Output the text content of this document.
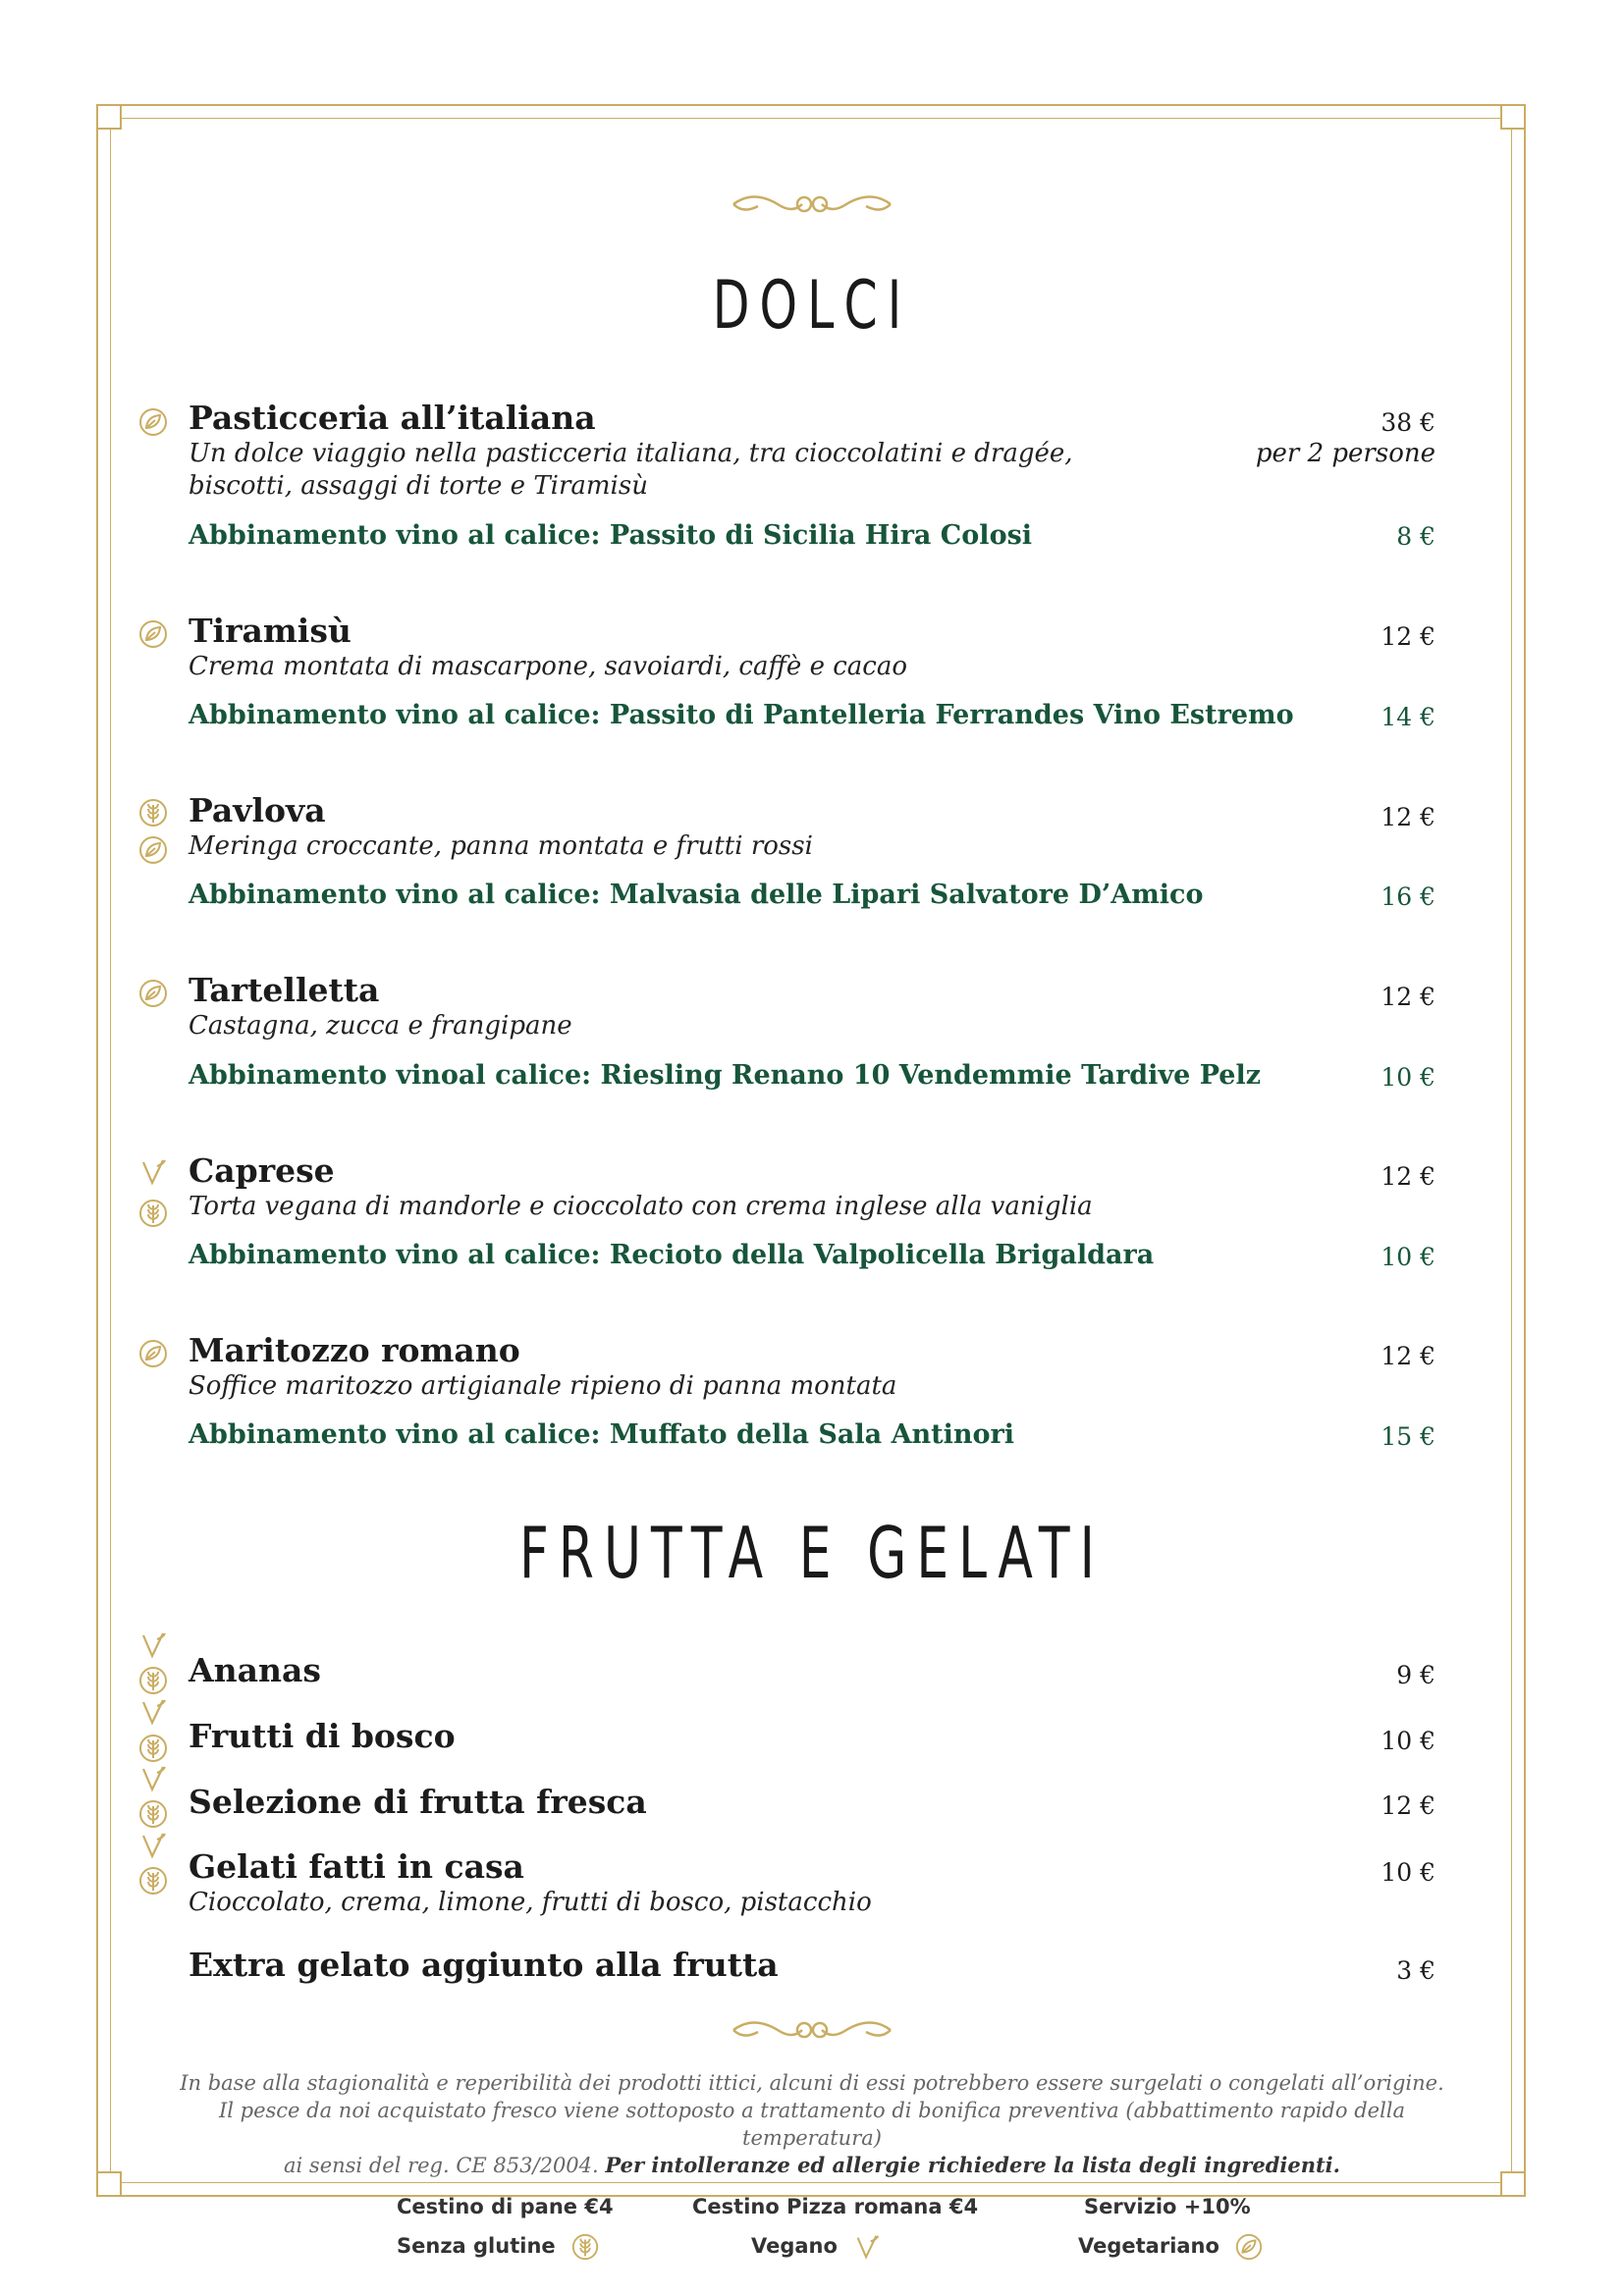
DOLCI
Pasticceria all’italiana
Un dolce viaggio nella pasticceria italiana, tra cioccolatini e dragée,
biscotti, assaggi di torte e Tiramisù
38 €
per 2 persone
Abbinamento vino al calice: Passito di Sicilia Hira Colosi	8 €
Tiramisù
Crema montata di mascarpone, savoiardi, caffè e cacao
12 €
Abbinamento vino al calice: Passito di Pantelleria Ferrandes Vino Estremo	14 €
Pavlova
Meringa croccante, panna montata e frutti rossi
12 €
Abbinamento vino al calice: Malvasia delle Lipari Salvatore D’Amico	16 €
Tartelletta
Castagna, zucca e frangipane
12 €
Abbinamento vinoal calice: Riesling Renano 10 Vendemmie Tardive Pelz	10 €
Caprese
Torta vegana di mandorle e cioccolato con crema inglese alla vaniglia
12 €
Abbinamento vino al calice: Recioto della Valpolicella Brigaldara	10 €
Maritozzo romano
Soffice maritozzo artigianale ripieno di panna montata
12 €
Abbinamento vino al calice: Muffato della Sala Antinori	15 €
FRUTTA E GELATI
Ananas	9 €
Frutti di bosco	10 €
Selezione di frutta fresca	12 €
Gelati fatti in casa
Cioccolato, crema, limone, frutti di bosco, pistacchio
10 €
Extra gelato aggiunto alla frutta	3 €
In base alla stagionalità e reperibilità dei prodotti ittici, alcuni di essi potrebbero essere surgelati o congelati all’origine.
Il pesce da noi acquistato fresco viene sottoposto a trattamento di bonifica preventiva (abbattimento rapido della temperatura)
ai sensi del reg. CE 853/2004. Per intolleranze ed allergie richiedere la lista degli ingredienti.
Cestino di pane €4	Cestino Pizza romana €4	Servizio +10%
Senza glutine	Vegano	Vegetariano
